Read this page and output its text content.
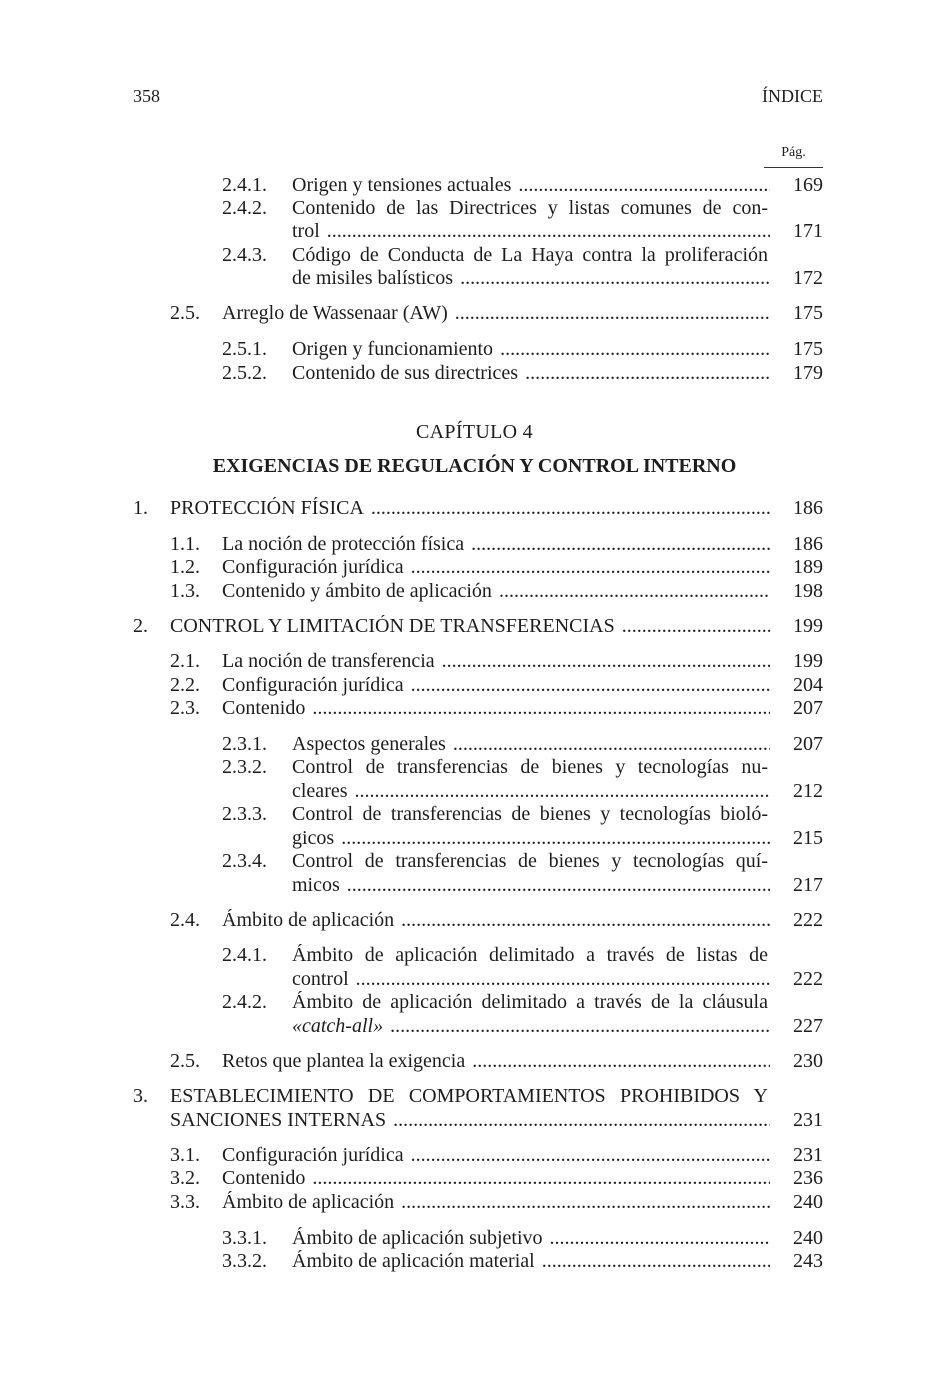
358	ÍNDICE
Pág.
2.4.1. Origen y tensiones actuales .....	169
2.4.2. Contenido de las Directrices y listas comunes de con-
trol .....	171
2.4.3. Código de Conducta de La Haya contra la proliferación
de misiles balísticos .....	172
2.5. Arreglo de Wassenaar (AW) .....	175
2.5.1. Origen y funcionamiento .....	175
2.5.2. Contenido de sus directrices .....	179
CAPÍTULO 4
EXIGENCIAS DE REGULACIÓN Y CONTROL INTERNO
1. PROTECCIÓN FÍSICA .....	186
1.1. La noción de protección física .....	186
1.2. Configuración jurídica .....	189
1.3. Contenido y ámbito de aplicación .....	198
2. CONTROL Y LIMITACIÓN DE TRANSFERENCIAS .....	199
2.1. La noción de transferencia .....	199
2.2. Configuración jurídica .....	204
2.3. Contenido .....	207
2.3.1. Aspectos generales .....	207
2.3.2. Control de transferencias de bienes y tecnologías nu-
cleares .....	212
2.3.3. Control de transferencias de bienes y tecnologías bioló-
gicos .....	215
2.3.4. Control de transferencias de bienes y tecnologías quí-
micos .....	217
2.4. Ámbito de aplicación .....	222
2.4.1. Ámbito de aplicación delimitado a través de listas de
control .....	222
2.4.2. Ámbito de aplicación delimitado a través de la cláusula
«catch-all» .....	227
2.5. Retos que plantea la exigencia .....	230
3. ESTABLECIMIENTO DE COMPORTAMIENTOS PROHIBIDOS Y
SANCIONES INTERNAS .....	231
3.1. Configuración jurídica .....	231
3.2. Contenido .....	236
3.3. Ámbito de aplicación .....	240
3.3.1. Ámbito de aplicación subjetivo .....	240
3.3.2. Ámbito de aplicación material .....	243
